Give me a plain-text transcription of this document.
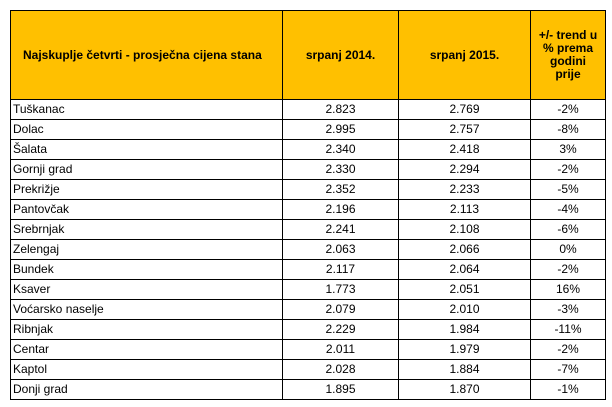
Najskuplje četvrti - prosječna cijena stana	srpanj 2014.	srpanj 2015.	+/- trend u % prema godini prije
Tuškanac	2.823	2.769	-2%
Dolac	2.995	2.757	-8%
Šalata	2.340	2.418	3%
Gornji grad	2.330	2.294	-2%
Prekrižje	2.352	2.233	-5%
Pantovčak	2.196	2.113	-4%
Srebrnjak	2.241	2.108	-6%
Zelengaj	2.063	2.066	0%
Bundek	2.117	2.064	-2%
Ksaver	1.773	2.051	16%
Voćarsko naselje	2.079	2.010	-3%
Ribnjak	2.229	1.984	-11%
Centar	2.011	1.979	-2%
Kaptol	2.028	1.884	-7%
Donji grad	1.895	1.870	-1%
